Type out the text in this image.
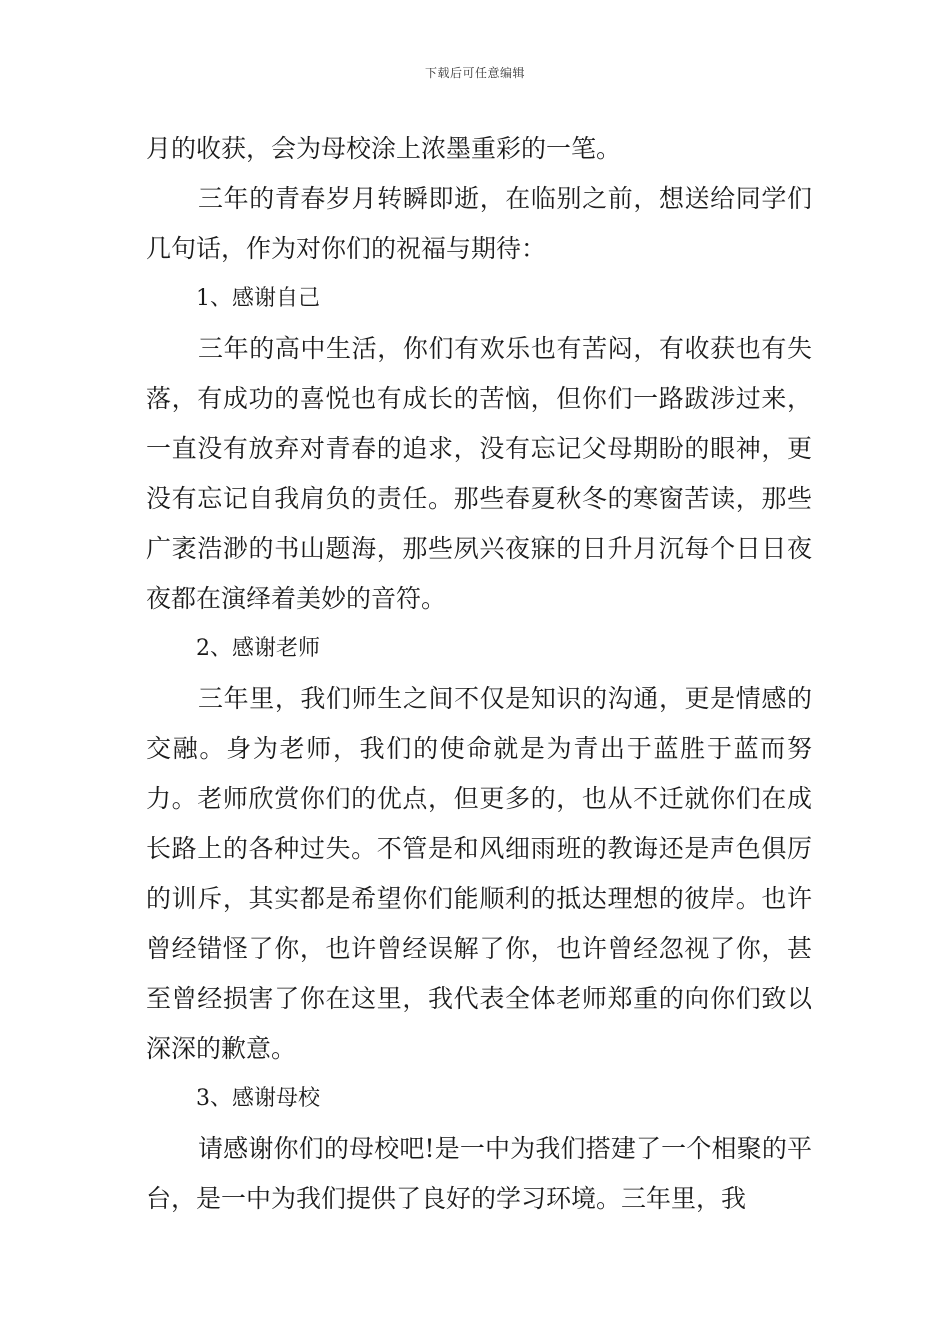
下载后可任意编辑

月的收获，会为母校涂上浓墨重彩的一笔。

三年的青春岁月转瞬即逝，在临别之前，想送给同学们几句话，作为对你们的祝福与期待：

1、感谢自己

三年的高中生活，你们有欢乐也有苦闷，有收获也有失落，有成功的喜悦也有成长的苦恼，但你们一路跋涉过来，一直没有放弃对青春的追求，没有忘记父母期盼的眼神，更没有忘记自我肩负的责任。那些春夏秋冬的寒窗苦读，那些广袤浩渺的书山题海，那些夙兴夜寐的日升月沉每个日日夜夜都在演绎着美妙的音符。

2、感谢老师

三年里，我们师生之间不仅是知识的沟通，更是情感的交融。身为老师，我们的使命就是为青出于蓝胜于蓝而努力。老师欣赏你们的优点，但更多的，也从不迁就你们在成长路上的各种过失。不管是和风细雨班的教诲还是声色俱厉的训斥，其实都是希望你们能顺利的抵达理想的彼岸。也许曾经错怪了你，也许曾经误解了你，也许曾经忽视了你，甚至曾经损害了你在这里，我代表全体老师郑重的向你们致以深深的歉意。

3、感谢母校

请感谢你们的母校吧!是一中为我们搭建了一个相聚的平台，是一中为我们提供了良好的学习环境。三年里，我
